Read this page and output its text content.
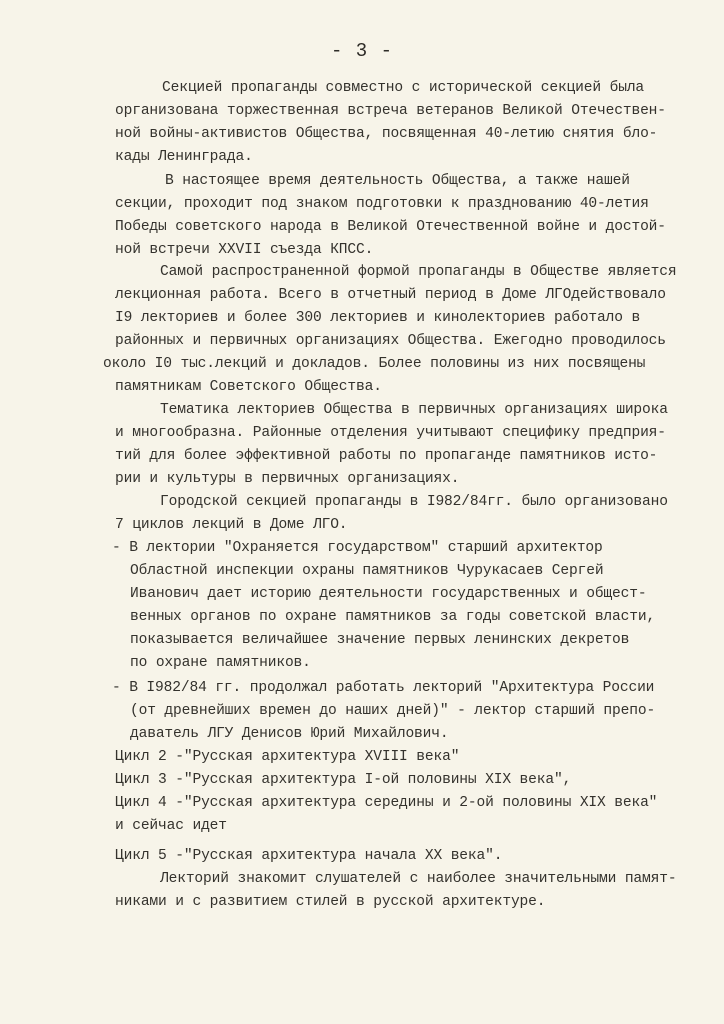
- 3 -
Секцией пропаганды совместно с исторической секцией была
организована торжественная встреча ветеранов Великой Отечествен-
ной войны-активистов Общества, посвященная 40-летию снятия бло-
кады Ленинграда.
В настоящее время деятельность Общества, а также нашей
секции, проходит под знаком подготовки к празднованию 40-летия
Победы советского народа в Великой Отечественной войне и достой-
ной встречи XXVII съезда КПСС.
Самой распространенной формой пропаганды в Обществе является
лекционная работа. Всего в отчетный период в Доме ЛГОдействовало
I9 лекториев и более 300 лекториев и кинолекториев работало в
районных и первичных организациях Общества. Ежегодно проводилось
около I0 тыс.лекций и докладов. Более половины из них посвящены
памятникам Советского Общества.
Тематика лекториев Общества в первичных организациях широка
и многообразна. Районные отделения учитывают специфику предприя-
тий для более эффективной работы по пропаганде памятников исто-
рии и культуры в первичных организациях.
Городской секцией пропаганды в I982/84гг. было организовано
7 циклов лекций в Доме ЛГО.
- В лектории "Охраняется государством" старший архитектор
Областной инспекции охраны памятников Чурукасаев Сергей
Иванович дает историю деятельности государственных и общест-
венных органов по охране памятников за годы советской власти,
показывается величайшее значение первых ленинских декретов
по охране памятников.
- В I982/84 гг. продолжал работать лекторий "Архитектура России
(от древнейших времен до наших дней)" - лектор старший препо-
даватель ЛГУ Денисов Юрий Михайлович.
Цикл 2 -"Русская архитектура XVIII века"
Цикл 3 -"Русская архитектура I-ой половины XIX века",
Цикл 4 -"Русская архитектура середины и 2-ой половины XIX века"
и сейчас идет
Цикл 5 -"Русская архитектура начала XX века".
Лекторий знакомит слушателей с наиболее значительными памят-
никами и с развитием стилей в русской архитектуре.
